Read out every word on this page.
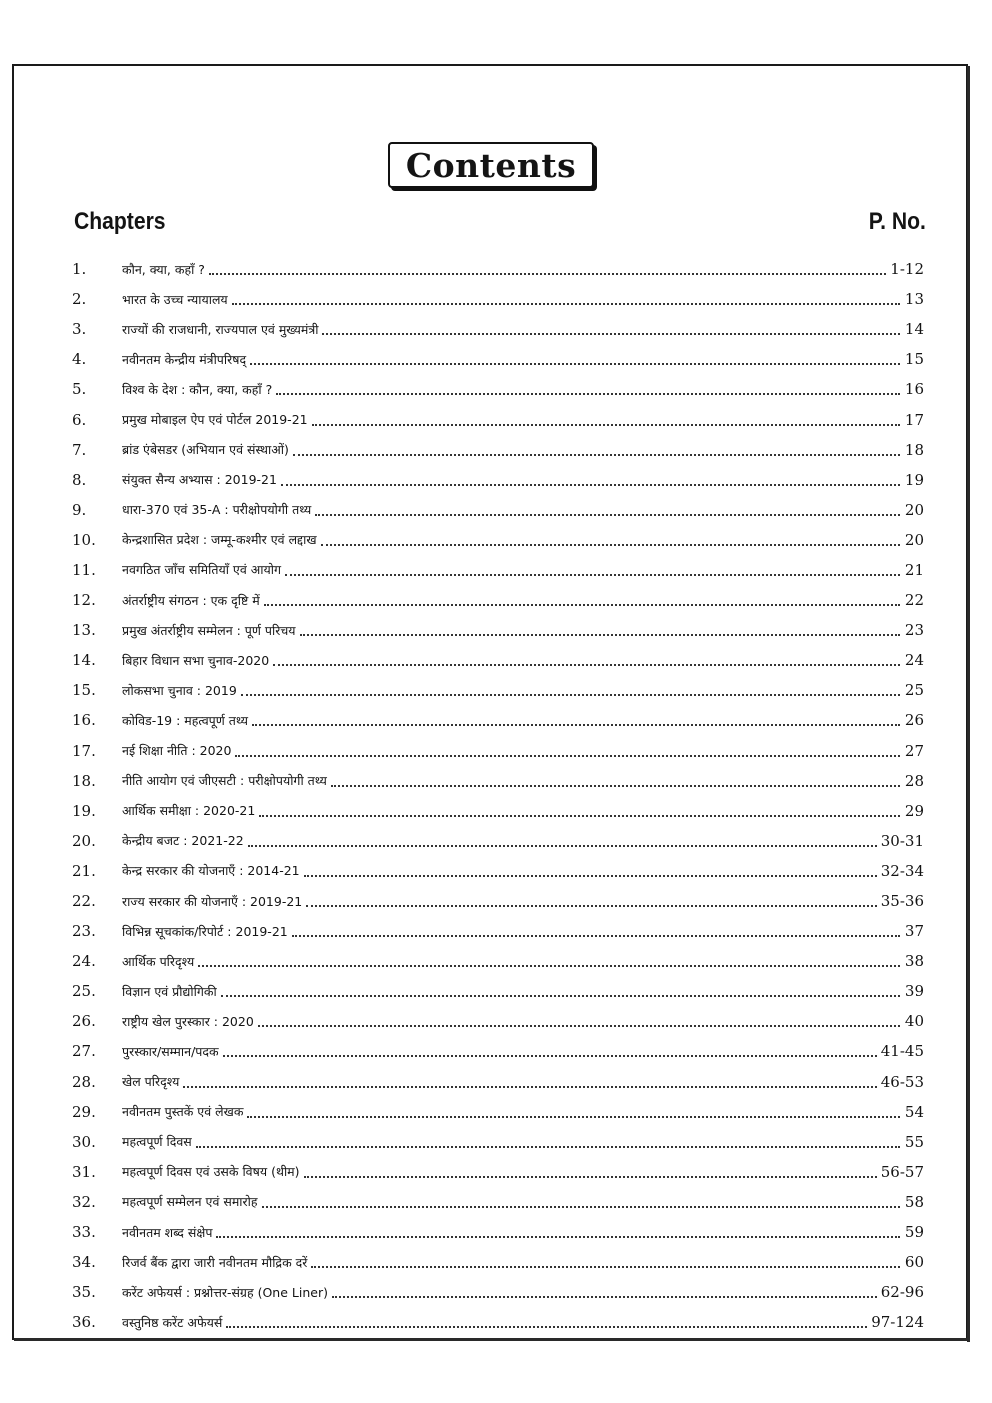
Contents
Chapters	P. No.
1.	कौन, क्या, कहाँ ?	1-12
2.	भारत के उच्च न्यायालय	13
3.	राज्यों की राजधानी, राज्यपाल एवं मुख्यमंत्री	14
4.	नवीनतम केन्द्रीय मंत्रीपरिषद्	15
5.	विश्व के देश : कौन, क्या, कहाँ ?	16
6.	प्रमुख मोबाइल ऐप एवं पोर्टल 2019-21	17
7.	ब्रांड एंबेसडर (अभियान एवं संस्थाओं)	18
8.	संयुक्त सैन्य अभ्यास : 2019-21	19
9.	धारा-370 एवं 35-A : परीक्षोपयोगी तथ्य	20
10.	केन्द्रशासित प्रदेश : जम्मू-कश्मीर एवं लद्दाख	20
11.	नवगठित जाँच समितियाँ एवं आयोग	21
12.	अंतर्राष्ट्रीय संगठन : एक दृष्टि में	22
13.	प्रमुख अंतर्राष्ट्रीय सम्मेलन : पूर्ण परिचय	23
14.	बिहार विधान सभा चुनाव-2020	24
15.	लोकसभा चुनाव : 2019	25
16.	कोविड-19 : महत्वपूर्ण तथ्य	26
17.	नई शिक्षा नीति : 2020	27
18.	नीति आयोग एवं जीएसटी : परीक्षोपयोगी तथ्य	28
19.	आर्थिक समीक्षा : 2020-21	29
20.	केन्द्रीय बजट : 2021-22	30-31
21.	केन्द्र सरकार की योजनाएँ : 2014-21	32-34
22.	राज्य सरकार की योजनाएँ : 2019-21	35-36
23.	विभिन्न सूचकांक/रिपोर्ट : 2019-21	37
24.	आर्थिक परिदृश्य	38
25.	विज्ञान एवं प्रौद्योगिकी	39
26.	राष्ट्रीय खेल पुरस्कार : 2020	40
27.	पुरस्कार/सम्मान/पदक	41-45
28.	खेल परिदृश्य	46-53
29.	नवीनतम पुस्तकें एवं लेखक	54
30.	महत्वपूर्ण दिवस	55
31.	महत्वपूर्ण दिवस एवं उसके विषय (थीम)	56-57
32.	महत्वपूर्ण सम्मेलन एवं समारोह	58
33.	नवीनतम शब्द संक्षेप	59
34.	रिजर्व बैंक द्वारा जारी नवीनतम मौद्रिक दरें	60
35.	करेंट अफेयर्स : प्रश्नोत्तर-संग्रह (One Liner)	62-96
36.	वस्तुनिष्ठ करेंट अफेयर्स	97-124
